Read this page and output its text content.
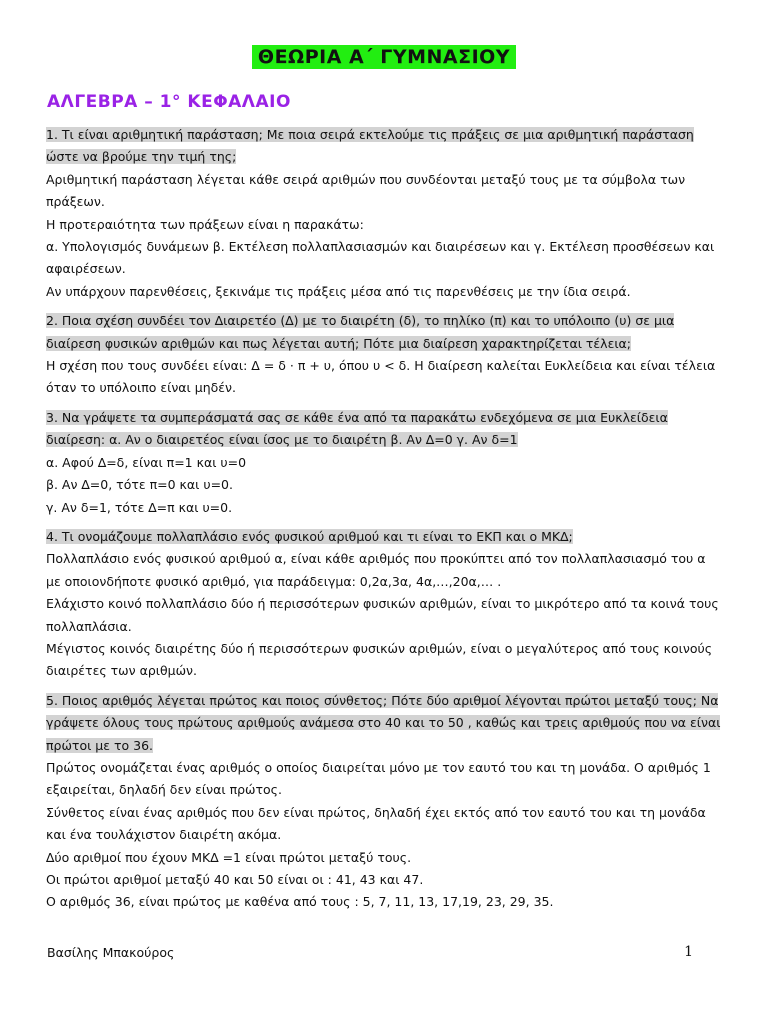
ΘΕΩΡΙΑ Α΄ ΓΥΜΝΑΣΙΟΥ
ΑΛΓΕΒΡΑ – 1° ΚΕΦΑΛΑΙΟ
1. Τι είναι αριθμητική παράσταση; Με ποια σειρά εκτελούμε τις πράξεις σε μια αριθμητική παράσταση ώστε να βρούμε την τιμή της;

Αριθμητική παράσταση λέγεται κάθε σειρά αριθμών που συνδέονται μεταξύ τους με τα σύμβολα των πράξεων.

Η προτεραιότητα των πράξεων είναι η παρακάτω:

α. Υπολογισμός δυνάμεων β. Εκτέλεση πολλαπλασιασμών και διαιρέσεων και γ. Εκτέλεση προσθέσεων και αφαιρέσεων.

Αν υπάρχουν παρενθέσεις, ξεκινάμε τις πράξεις μέσα από τις παρενθέσεις με την ίδια σειρά.

2. Ποια σχέση συνδέει τον ∆ιαιρετέο (∆) με το διαιρέτη (δ), το πηλίκο (π) και το υπόλοιπο (υ) σε μια διαίρεση φυσικών αριθμών και πως λέγεται αυτή; Πότε μια διαίρεση χαρακτηρίζεται τέλεια;

Η σχέση που τους συνδέει είναι: Δ = δ · π + υ, όπου υ < δ. Η διαίρεση καλείται Ευκλείδεια και είναι τέλεια όταν το υπόλοιπο είναι μηδέν.

3. Να γράψετε τα συμπεράσματά σας σε κάθε ένα από τα παρακάτω ενδεχόμενα σε μια Ευκλείδεια διαίρεση: α. Αν ο διαιρετέος είναι ίσος με το διαιρέτη β. Αν ∆=0 γ. Αν δ=1

α. Αφού ∆=δ, είναι π=1 και υ=0

β. Αν ∆=0, τότε π=0 και υ=0.

γ. Αν δ=1, τότε ∆=π και υ=0.

4. Τι ονομάζουμε πολλαπλάσιο ενός φυσικού αριθμού και τι είναι το ΕΚΠ και ο ΜΚ∆;

Πολλαπλάσιο ενός φυσικού αριθμού α, είναι κάθε αριθμός που προκύπτει από τον πολλαπλασιασμό του α με οποιονδήποτε φυσικό αριθμό, για παράδειγμα: 0,2α,3α, 4α,…,20α,… .

Ελάχιστο κοινό πολλαπλάσιο δύο ή περισσότερων φυσικών αριθμών, είναι το μικρότερο από τα κοινά τους πολλαπλάσια.

Μέγιστος κοινός διαιρέτης δύο ή περισσότερων φυσικών αριθμών, είναι ο μεγαλύτερος από τους κοινούς διαιρέτες των αριθμών.

5. Ποιος αριθμός λέγεται πρώτος και ποιος σύνθετος; Πότε δύο αριθμοί λέγονται πρώτοι μεταξύ τους; Να γράψετε όλους τους πρώτους αριθμούς ανάμεσα στο 40 και το 50 , καθώς και τρεις αριθμούς που να είναι πρώτοι με το 36.

Πρώτος ονομάζεται ένας αριθμός ο οποίος διαιρείται μόνο με τον εαυτό του και τη μονάδα. Ο αριθμός 1 εξαιρείται, δηλαδή δεν είναι πρώτος.

Σύνθετος είναι ένας αριθμός που δεν είναι πρώτος, δηλαδή έχει εκτός από τον εαυτό του και τη μονάδα και ένα τουλάχιστον διαιρέτη ακόμα.

∆ύο αριθμοί που έχουν ΜΚ∆ =1 είναι πρώτοι μεταξύ τους.

Οι πρώτοι αριθμοί μεταξύ 40 και 50 είναι οι : 41, 43 και 47.

Ο αριθμός 36, είναι πρώτος με καθένα από τους : 5, 7, 11, 13, 17,19, 23, 29, 35.

Βασίλης Μπακούρος	1
